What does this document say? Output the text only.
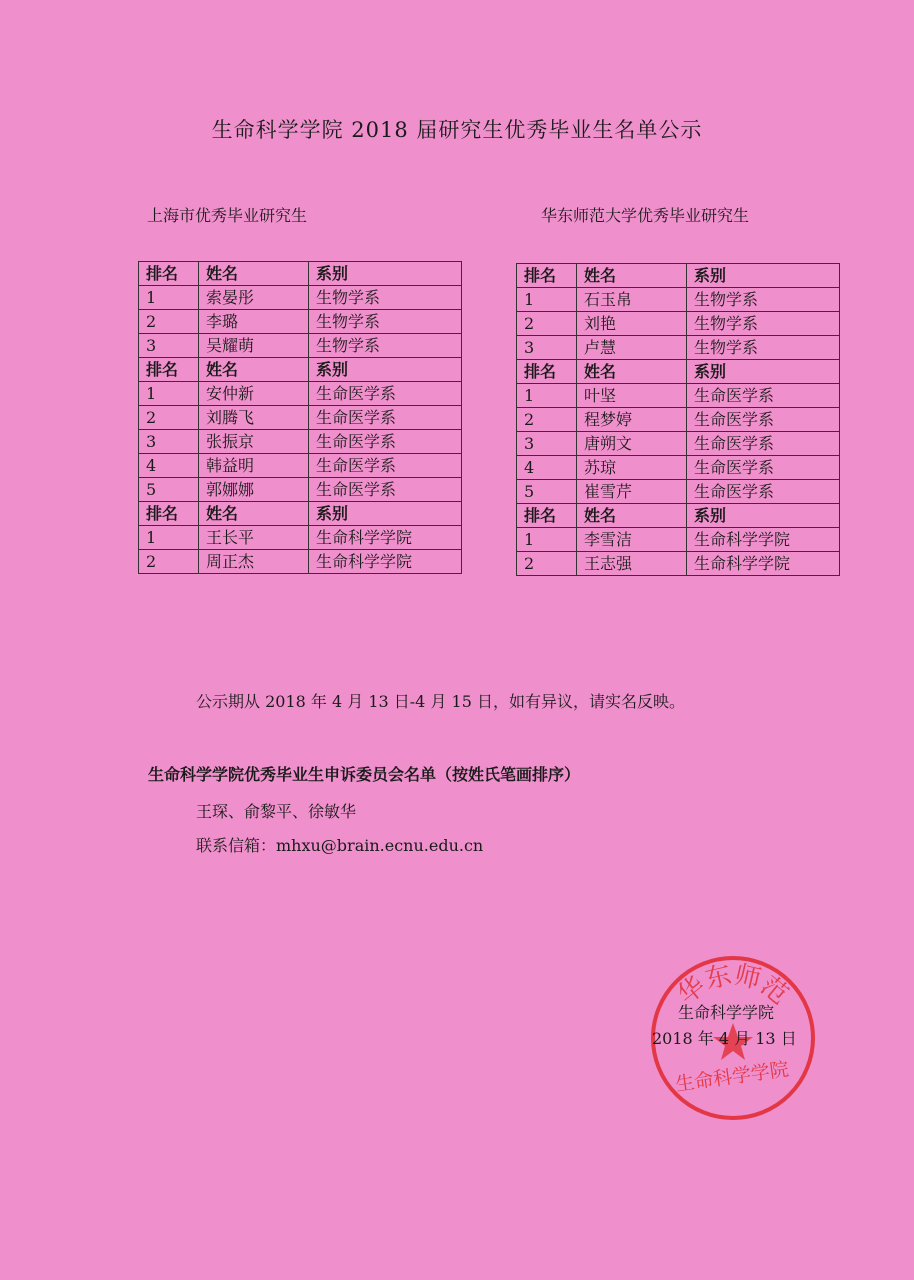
生命科学学院 2018 届研究生优秀毕业生名单公示
上海市优秀毕业研究生	华东师范大学优秀毕业研究生
排名	姓名	系别
1	索晏彤	生物学系
2	李璐	生物学系
3	吴耀萌	生物学系
排名	姓名	系别
1	安仲新	生命医学系
2	刘腾飞	生命医学系
3	张振京	生命医学系
4	韩益明	生命医学系
5	郭娜娜	生命医学系
排名	姓名	系别
1	王长平	生命科学学院
2	周正杰	生命科学学院
排名	姓名	系别
1	石玉帛	生物学系
2	刘艳	生物学系
3	卢慧	生物学系
排名	姓名	系别
1	叶坚	生命医学系
2	程梦婷	生命医学系
3	唐朔文	生命医学系
4	苏琼	生命医学系
5	崔雪芹	生命医学系
排名	姓名	系别
1	李雪洁	生命科学学院
2	王志强	生命科学学院
公示期从 2018 年 4 月 13 日-4 月 15 日，如有异议，请实名反映。
生命科学学院优秀毕业生申诉委员会名单（按姓氏笔画排序）
王琛、俞黎平、徐敏华
联系信箱：mhxu@brain.ecnu.edu.cn
华东师范
生命科学学院
生命科学学院
2018 年 4 月 13 日
